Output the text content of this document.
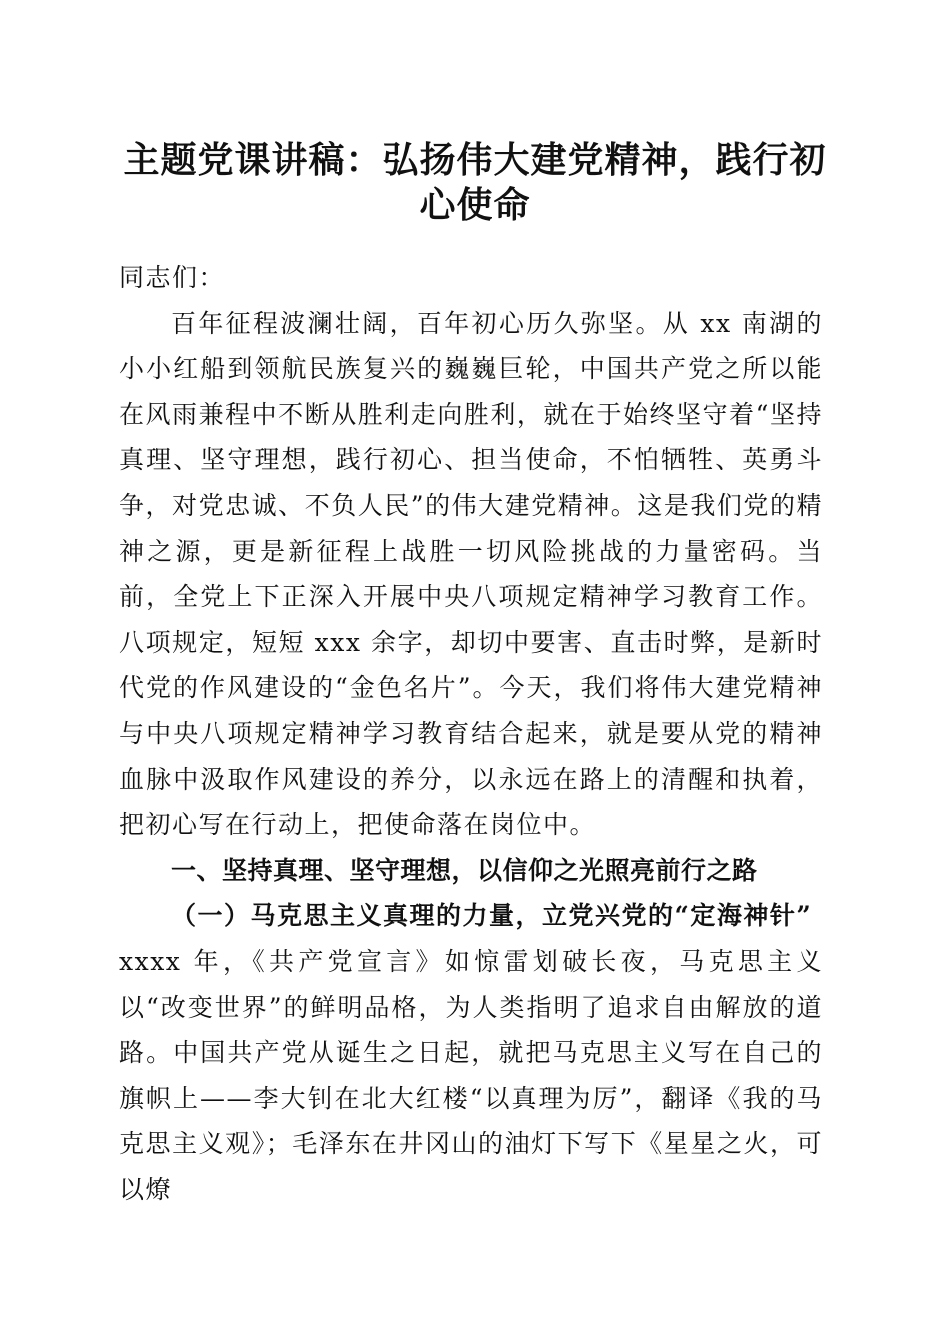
主题党课讲稿：弘扬伟大建党精神，践行初心使命

同志们：

百年征程波澜壮阔，百年初心历久弥坚。从 xx 南湖的小小红船到领航民族复兴的巍巍巨轮，中国共产党之所以能在风雨兼程中不断从胜利走向胜利，就在于始终坚守着“坚持真理、坚守理想，践行初心、担当使命，不怕牺牲、英勇斗争，对党忠诚、不负人民”的伟大建党精神。这是我们党的精神之源，更是新征程上战胜一切风险挑战的力量密码。当前，全党上下正深入开展中央八项规定精神学习教育工作。八项规定，短短 xxx 余字，却切中要害、直击时弊，是新时代党的作风建设的“金色名片”。今天，我们将伟大建党精神与中央八项规定精神学习教育结合起来，就是要从党的精神血脉中汲取作风建设的养分，以永远在路上的清醒和执着，把初心写在行动上，把使命落在岗位中。

一、坚持真理、坚守理想，以信仰之光照亮前行之路

（一）马克思主义真理的力量，立党兴党的“定海神针”

xxxx 年，《共产党宣言》如惊雷划破长夜，马克思主义以“改变世界”的鲜明品格，为人类指明了追求自由解放的道路。中国共产党从诞生之日起，就把马克思主义写在自己的旗帜上——李大钊在北大红楼“以真理为厉”，翻译《我的马克思主义观》；毛泽东在井冈山的油灯下写下《星星之火，可以燎
